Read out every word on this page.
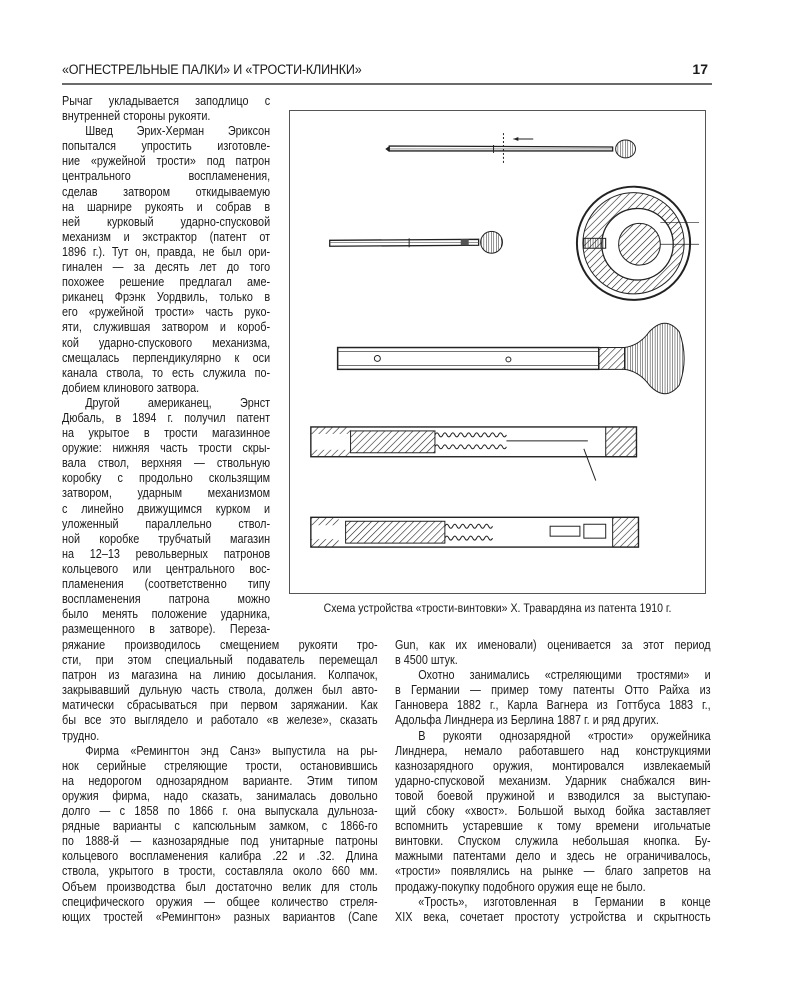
«ОГНЕСТРЕЛЬНЫЕ ПАЛКИ» И «ТРОСТИ-КЛИНКИ»	17
Рычаг укладывается заподлицо с
внутренней стороны рукояти.
Швед Эрих-Херман Эриксон
попытался упростить изготовле-
ние «ружейной трости» под патрон
центрального воспламенения,
сделав затвором откидываемую
на шарнире рукоять и собрав в
ней курковый ударно-спусковой
механизм и экстрактор (патент от
1896 г.). Тут он, правда, не был ори-
гинален — за десять лет до того
похожее решение предлагал аме-
риканец Фрэнк Уордвиль, только в
его «ружейной трости» часть руко-
яти, служившая затвором и короб-
кой ударно-спускового механизма,
смещалась перпендикулярно к оси
канала ствола, то есть служила по-
добием клинового затвора.
Другой американец, Эрнст
Дюбаль, в 1894 г. получил патент
на укрытое в трости магазинное
оружие: нижняя часть трости скры-
вала ствол, верхняя — ствольную
коробку с продольно скользящим
затвором, ударным механизмом
с линейно движущимся курком и
уложенный параллельно ствол-
ной коробке трубчатый магазин
на 12–13 револьверных патронов
кольцевого или центрального вос-
пламенения (соответственно типу
воспламенения патрона можно
было менять положение ударника,
размещенного в затворе). Переза-
ряжание производилось смещением рукояти тро-
сти, при этом специальный подаватель перемещал
патрон из магазина на линию досылания. Колпачок,
закрывавший дульную часть ствола, должен был авто-
матически сбрасываться при первом заряжании. Как
бы все это выглядело и работало «в железе», сказать
трудно.
Фирма «Ремингтон энд Санз» выпустила на ры-
нок серийные стреляющие трости, остановившись
на недорогом однозарядном варианте. Этим типом
оружия фирма, надо сказать, занималась довольно
долго — с 1858 по 1866 г. она выпускала дульноза-
рядные варианты с капсюльным замком, с 1866-го
по 1888-й — казнозарядные под унитарные патроны
кольцевого воспламенения калибра .22 и .32. Длина
ствола, укрытого в трости, составляла около 660 мм.
Объем производства был достаточно велик для столь
специфического оружия — общее количество стреля-
ющих тростей «Ремингтон» разных вариантов (Cane
Gun, как их именовали) оценивается за этот период
в 4500 штук.
Охотно занимались «стреляющими тростями» и
в Германии — пример тому патенты Отто Райха из
Ганновера 1882 г., Карла Вагнера из Готтбуса 1883 г.,
Адольфа Линднера из Берлина 1887 г. и ряд других.
В рукояти однозарядной «трости» оружейника
Линднера, немало работавшего над конструкциями
казнозарядного оружия, монтировался извлекаемый
ударно-спусковой механизм. Ударник снабжался вин-
товой боевой пружиной и взводился за выступаю-
щий сбоку «хвост». Большой выход бойка заставляет
вспомнить устаревшие к тому времени игольчатые
винтовки. Спуском служила небольшая кнопка. Бу-
мажными патентами дело и здесь не ограничивалось,
«трости» появлялись на рынке — благо запретов на
продажу-покупку подобного оружия еще не было.
«Трость», изготовленная в Германии в конце
XIX века, сочетает простоту устройства и скрытность
Схема устройства «трости-винтовки» Х. Травардяна из патента 1910 г.
